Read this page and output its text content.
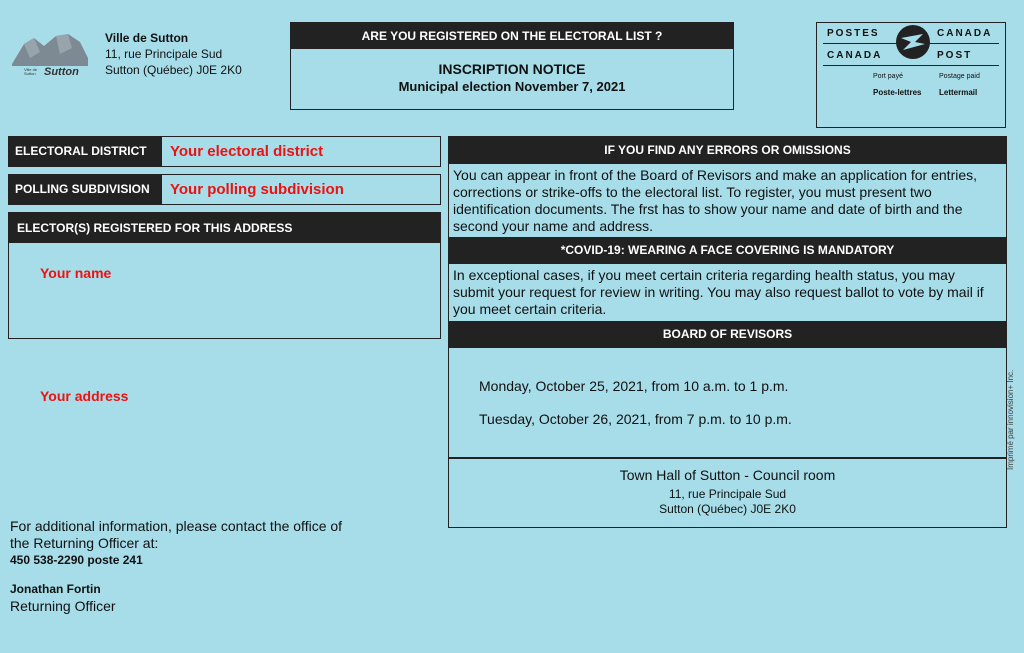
Ville de Sutton Sutton
Ville de Sutton
11, rue Principale Sud
Sutton (Québec) J0E 2K0
ARE YOU REGISTERED ON THE ELECTORAL LIST ?
INSCRIPTION NOTICE
Municipal election November 7, 2021
POSTES	CANADA
CANADA	POST
Port payé	Postage paid
Poste-lettres Lettermail
ELECTORAL DISTRICT	Your electoral district
POLLING SUBDIVISION	Your polling subdivision
ELECTOR(S) REGISTERED FOR THIS ADDRESS
Your name
Your address
IF YOU FIND ANY ERRORS OR OMISSIONS
You can appear in front of the Board of Revisors and make an application for entries, corrections or strike-offs to the electoral list. To register, you must present two identification documents. The frst has to show your name and date of birth and the second your name and address.
*COVID-19: WEARING A FACE COVERING IS MANDATORY
In exceptional cases, if you meet certain criteria regarding health status, you may submit your request for review in writing. You may also request ballot to vote by mail if you meet certain criteria.
BOARD OF REVISORS
Monday, October 25, 2021, from 10 a.m. to 1 p.m.
Tuesday, October 26, 2021, from 7 p.m. to 10 p.m.
Town Hall of Sutton - Council room
11, rue Principale Sud
Sutton (Québec) J0E 2K0
For additional information, please contact the office of
the Returning Officer at:
450 538-2290 poste 241
Jonathan Fortin
Returning Officer
Imprimé par innovision+ Inc.
